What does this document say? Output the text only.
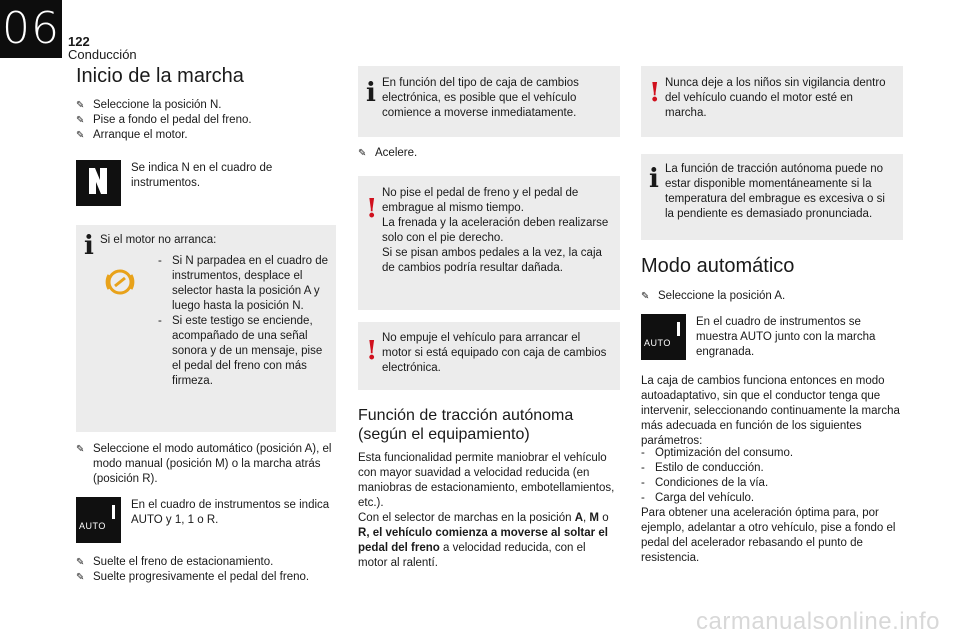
06 122
Conducción
Inicio de la marcha
✎ Seleccione la posición N.
✎ Pise a fondo el pedal del freno.
✎ Arranque el motor.
Se indica N en el cuadro de instrumentos.
i Si el motor no arranca:
- Si N parpadea en el cuadro de instrumentos, desplace el selector hasta la posición A y luego hasta la posición N.
- Si este testigo se enciende, acompañado de una señal sonora y de un mensaje, pise el pedal del freno con más firmeza.
✎ Seleccione el modo automático (posición A), el modo manual (posición M) o la marcha atrás (posición R).
AUTO
En el cuadro de instrumentos se indica AUTO y 1, 1 o R.
✎ Suelte el freno de estacionamiento.
✎ Suelte progresivamente el pedal del freno.
i En función del tipo de caja de cambios electrónica, es posible que el vehículo comience a moverse inmediatamente.
✎ Acelere.
!
No pise el pedal de freno y el pedal de embrague al mismo tiempo.
La frenada y la aceleración deben realizarse solo con el pie derecho.
Si se pisan ambos pedales a la vez, la caja de cambios podría resultar dañada.
! No empuje el vehículo para arrancar el motor si está equipado con caja de cambios electrónica.
Función de tracción autónoma (según el equipamiento)
Esta funcionalidad permite maniobrar el vehículo con mayor suavidad a velocidad reducida (en maniobras de estacionamiento, embotellamientos, etc.).
Con el selector de marchas en la posición A, M o R, el vehículo comienza a moverse al soltar el pedal del freno a velocidad reducida, con el motor al ralentí.
! Nunca deje a los niños sin vigilancia dentro del vehículo cuando el motor esté en marcha.
i La función de tracción autónoma puede no estar disponible momentáneamente si la temperatura del embrague es excesiva o si la pendiente es demasiado pronunciada.
Modo automático
✎ Seleccione la posición A.
AUTO
En el cuadro de instrumentos se muestra AUTO junto con la marcha engranada.
La caja de cambios funciona entonces en modo autoadaptativo, sin que el conductor tenga que intervenir, seleccionando continuamente la marcha más adecuada en función de los siguientes parámetros:
- Optimización del consumo.
- Estilo de conducción.
- Condiciones de la vía.
- Carga del vehículo.
Para obtener una aceleración óptima para, por ejemplo, adelantar a otro vehículo, pise a fondo el pedal del acelerador rebasando el punto de resistencia.
carmanualsonline.info
